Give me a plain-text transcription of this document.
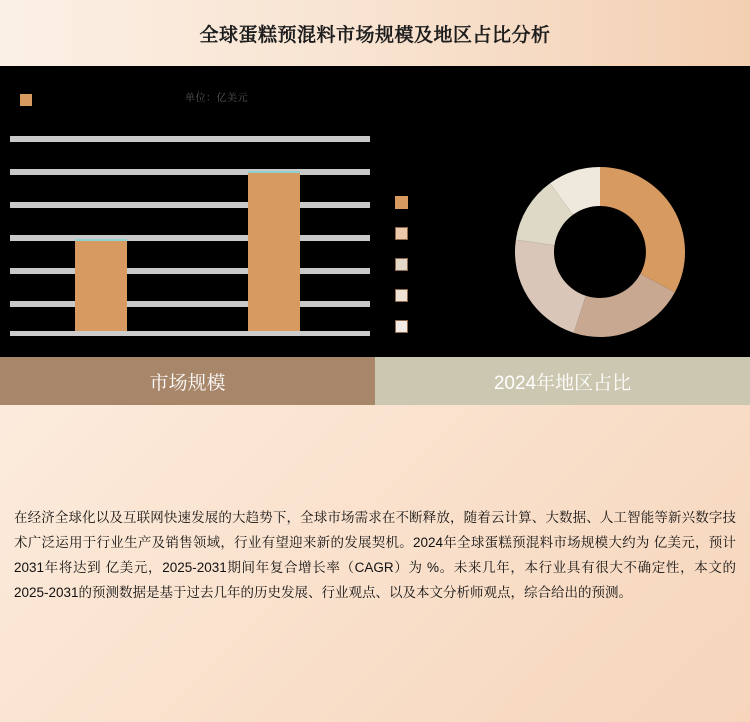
全球蛋糕预混料市场规模及地区占比分析
单位：亿美元
市场规模	2024年地区占比

在经济全球化以及互联网快速发展的大趋势下，全球市场需求在不断释放，随着云计算、大数据、人工智能等新兴数字技术广泛运用于行业生产及销售领域，行业有望迎来新的发展契机。2024年全球蛋糕预混料市场规模大约为 亿美元，预计2031年将达到 亿美元，2025-2031期间年复合增长率（CAGR）为 %。未来几年，本行业具有很大不确定性，本文的2025-2031的预测数据是基于过去几年的历史发展、行业观点、以及本文分析师观点，综合给出的预测。
